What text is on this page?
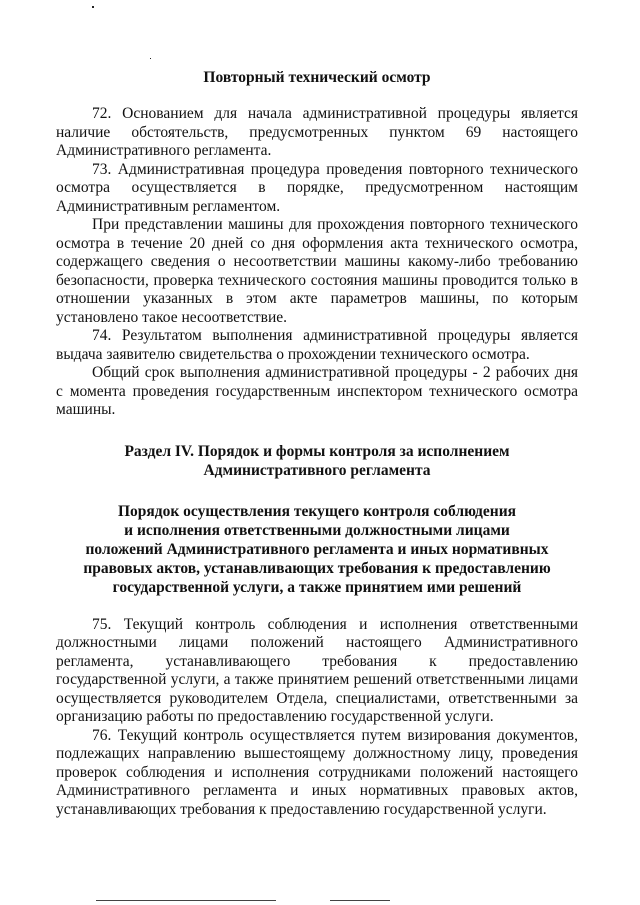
Повторный технический осмотр

72. Основанием для начала административной процедуры является наличие обстоятельств, предусмотренных пунктом 69 настоящего Административного регламента.

73. Административная процедура проведения повторного технического осмотра осуществляется в порядке, предусмотренном настоящим Административным регламентом.

При представлении машины для прохождения повторного технического осмотра в течение 20 дней со дня оформления акта технического осмотра, содержащего сведения о несоответствии машины какому-либо требованию безопасности, проверка технического состояния машины проводится только в отношении указанных в этом акте параметров машины, по которым установлено такое несоответствие.

74. Результатом выполнения административной процедуры является выдача заявителю свидетельства о прохождении технического осмотра.

Общий срок выполнения административной процедуры - 2 рабочих дня с момента проведения государственным инспектором технического осмотра машины.

Раздел IV. Порядок и формы контроля за исполнением
Административного регламента
Порядок осуществления текущего контроля соблюдения
и исполнения ответственными должностными лицами
положений Административного регламента и иных нормативных
правовых актов, устанавливающих требования к предоставлению
государственной услуги, а также принятием ими решений

75. Текущий контроль соблюдения и исполнения ответственными должностными лицами положений настоящего Административного регламента, устанавливающего требования к предоставлению государственной услуги, а также принятием решений ответственными лицами осуществляется руководителем Отдела, специалистами, ответственными за организацию работы по предоставлению государственной услуги.

76. Текущий контроль осуществляется путем визирования документов, подлежащих направлению вышестоящему должностному лицу, проведения проверок соблюдения и исполнения сотрудниками положений настоящего Административного регламента и иных нормативных правовых актов, устанавливающих требования к предоставлению государственной услуги.
